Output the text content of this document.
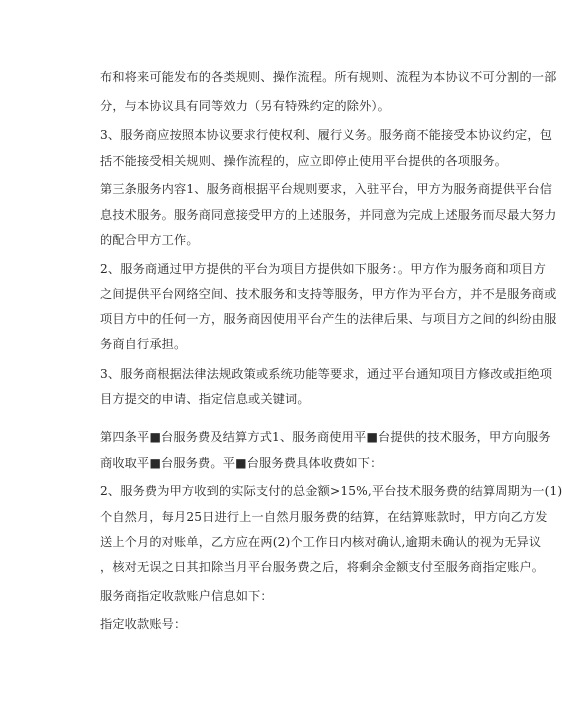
布和将来可能发布的各类规则、操作流程。所有规则、流程为本协议不可分割的一部
分，与本协议具有同等效力（另有特殊约定的除外）。
3、服务商应按照本协议要求行使权利、履行义务。服务商不能接受本协议约定，包
括不能接受相关规则、操作流程的，应立即停止使用平台提供的各项服务。
第三条服务内容1、服务商根据平台规则要求，入驻平台，甲方为服务商提供平台信
息技术服务。服务商同意接受甲方的上述服务，并同意为完成上述服务而尽最大努力
的配合甲方工作。
2、服务商通过甲方提供的平台为项目方提供如下服务：。甲方作为服务商和项目方
之间提供平台网络空间、技术服务和支持等服务，甲方作为平台方，并不是服务商或
项目方中的任何一方，服务商因使用平台产生的法律后果、与项目方之间的纠纷由服
务商自行承担。
3、服务商根据法律法规政策或系统功能等要求，通过平台通知项目方修改或拒绝项
目方提交的申请、指定信息或关键词。
第四条平■台服务费及结算方式1、服务商使用平■台提供的技术服务，甲方向服务
商收取平■台服务费。平■台服务费具体收费如下：
2、服务费为甲方收到的实际支付的总金额>15%,平台技术服务费的结算周期为一(1)
个自然月，每月25日进行上一自然月服务费的结算，在结算账款时，甲方向乙方发
送上个月的对账单，乙方应在两(2)个工作日内核对确认,逾期未确认的视为无异议
，核对无误之日其扣除当月平台服务费之后，将剩余金额支付至服务商指定账户。
服务商指定收款账户信息如下：
指定收款账号：
